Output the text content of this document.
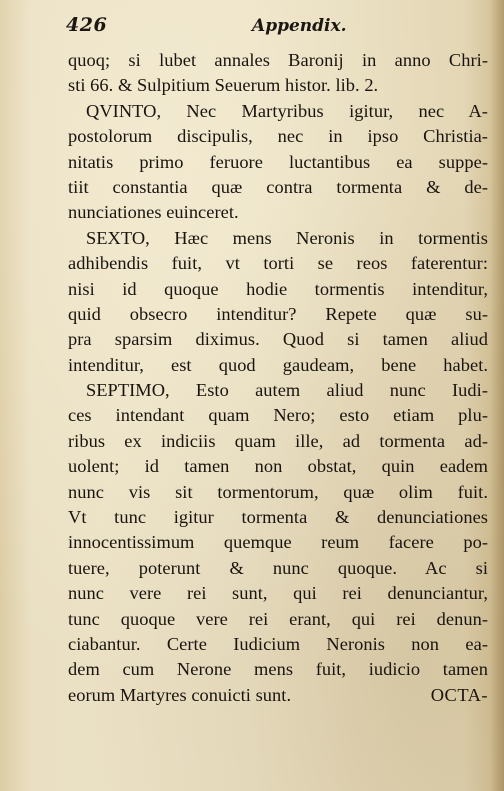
426	Appendix.
quoq; si lubet annales Baronij in anno Chri-
sti 66. & Sulpitium Seuerum histor. lib. 2.
QVINTO, Nec Martyribus igitur, nec A-
postolorum discipulis, nec in ipso Christia-
nitatis primo feruore luctantibus ea suppe-
tiit constantia quæ contra tormenta & de-
nunciationes euinceret.
SEXTO, Hæc mens Neronis in tormentis
adhibendis fuit, vt torti se reos faterentur:
nisi id quoque hodie tormentis intenditur,
quid obsecro intenditur? Repete quæ su-
pra sparsim diximus. Quod si tamen aliud
intenditur, est quod gaudeam, bene habet.
SEPTIMO, Esto autem aliud nunc Iudi-
ces intendant quam Nero; esto etiam plu-
ribus ex indiciis quam ille, ad tormenta ad-
uolent; id tamen non obstat, quin eadem
nunc vis sit tormentorum, quæ olim fuit.
Vt tunc igitur tormenta & denunciationes
innocentissimum quemque reum facere po-
tuere, poterunt & nunc quoque. Ac si
nunc vere rei sunt, qui rei denunciantur,
tunc quoque vere rei erant, qui rei denun-
ciabantur. Certe Iudicium Neronis non ea-
dem cum Nerone mens fuit, iudicio tamen
eorum Martyres conuicti sunt.	OCTA-
